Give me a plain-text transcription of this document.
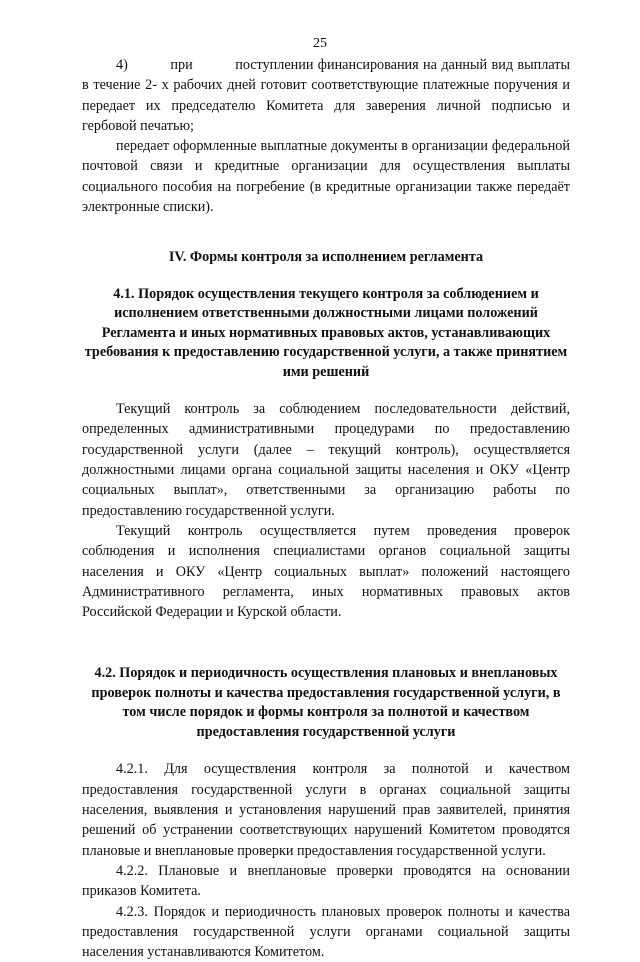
25

4)   при   поступлении финансирования на данный вид выплаты в течение 2- х рабочих дней готовит соответствующие платежные поручения и передает их председателю Комитета для заверения личной подписью и гербовой печатью;

передает оформленные выплатные документы в организации федеральной почтовой связи и кредитные организации для осуществления выплаты социального пособия на погребение (в кредитные организации также передаёт электронные списки).

IV. Формы контроля за исполнением регламента

4.1. Порядок осуществления текущего контроля за соблюдением и исполнением ответственными должностными лицами положений Регламента и иных нормативных правовых актов, устанавливающих требования к предоставлению государственной услуги, а также принятием ими решений

Текущий контроль за соблюдением последовательности действий, определенных административными процедурами по предоставлению государственной услуги (далее – текущий контроль), осуществляется должностными лицами органа социальной защиты населения и ОКУ «Центр социальных выплат», ответственными за организацию работы по предоставлению государственной услуги.

Текущий контроль осуществляется путем проведения проверок соблюдения и исполнения специалистами органов социальной защиты населения и ОКУ «Центр социальных выплат» положений настоящего Административного регламента, иных нормативных правовых актов Российской Федерации и Курской области.

4.2. Порядок и периодичность осуществления плановых и внеплановых проверок полноты и качества предоставления государственной услуги, в том числе порядок и формы контроля за полнотой и качеством предоставления государственной услуги

4.2.1. Для осуществления контроля за полнотой и качеством предоставления государственной услуги в органах социальной защиты населения, выявления и установления нарушений прав заявителей, принятия решений об устранении соответствующих нарушений Комитетом проводятся плановые и внеплановые проверки предоставления государственной услуги.

4.2.2. Плановые и внеплановые проверки проводятся на основании приказов Комитета.

4.2.3. Порядок и периодичность плановых проверок полноты и качества предоставления государственной услуги органами социальной защиты населения устанавливаются Комитетом.
